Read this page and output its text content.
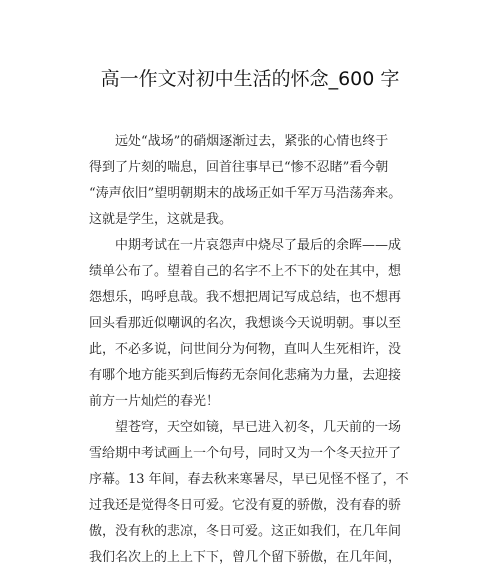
高一作文对初中生活的怀念_600 字
　　远处“战场”的硝烟逐渐过去，紧张的心情也终于
得到了片刻的喘息，回首往事早已“惨不忍睹”看今朝
“涛声依旧”望明朝期末的战场正如千军万马浩荡奔来。
这就是学生，这就是我。
　　中期考试在一片哀怨声中烧尽了最后的余晖——成
绩单公布了。望着自己的名字不上不下的处在其中，想
怨想乐，呜呼息哉。我不想把周记写成总结，也不想再
回头看那近似嘲讽的名次，我想谈今天说明朝。事以至
此，不必多说，问世间分为何物，直叫人生死相许，没
有哪个地方能买到后悔药无奈间化悲痛为力量，去迎接
前方一片灿烂的春光！
　　望苍穹，天空如镜，早已进入初冬，几天前的一场
雪给期中考试画上一个句号，同时又为一个冬天拉开了
序幕。13 年间，春去秋来寒暑尽，早已见怪不怪了，不
过我还是觉得冬日可爱。它没有夏的骄傲，没有春的骄
傲，没有秋的悲凉，冬日可爱。这正如我们，在几年间
我们名次上的上上下下，曾几个留下骄傲，在几年间，
